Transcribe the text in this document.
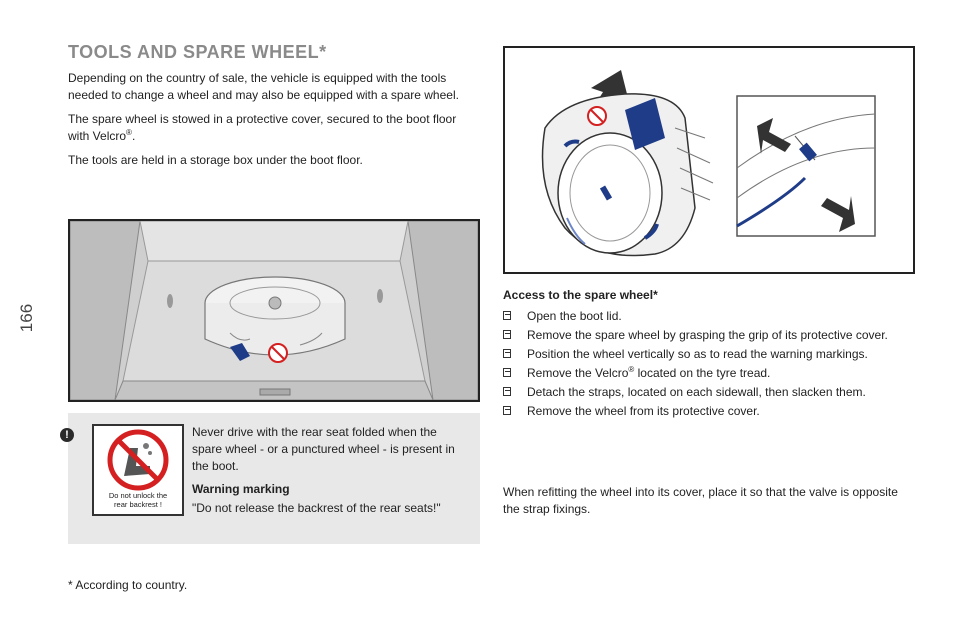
166
TOOLS AND SPARE WHEEL*

Depending on the country of sale, the vehicle is equipped with the tools needed to change a wheel and may also be equipped with a spare wheel.

The spare wheel is stowed in a protective cover, secured to the boot floor with Velcro®.

The tools are held in a storage box under the boot floor.

!
Do not unlock the
rear backrest !

Never drive with the rear seat folded when the spare wheel - or a punctured wheel - is present in the boot.

Warning marking

"Do not release the backrest of the rear seats!"

* According to country.
Access to the spare wheel*
Open the boot lid.
Remove the spare wheel by grasping the grip of its protective cover.
Position the wheel vertically so as to read the warning markings.
Remove the Velcro® located on the tyre tread.
Detach the straps, located on each sidewall, then slacken them.
Remove the wheel from its protective cover.

When refitting the wheel into its cover, place it so that the valve is opposite the strap fixings.
